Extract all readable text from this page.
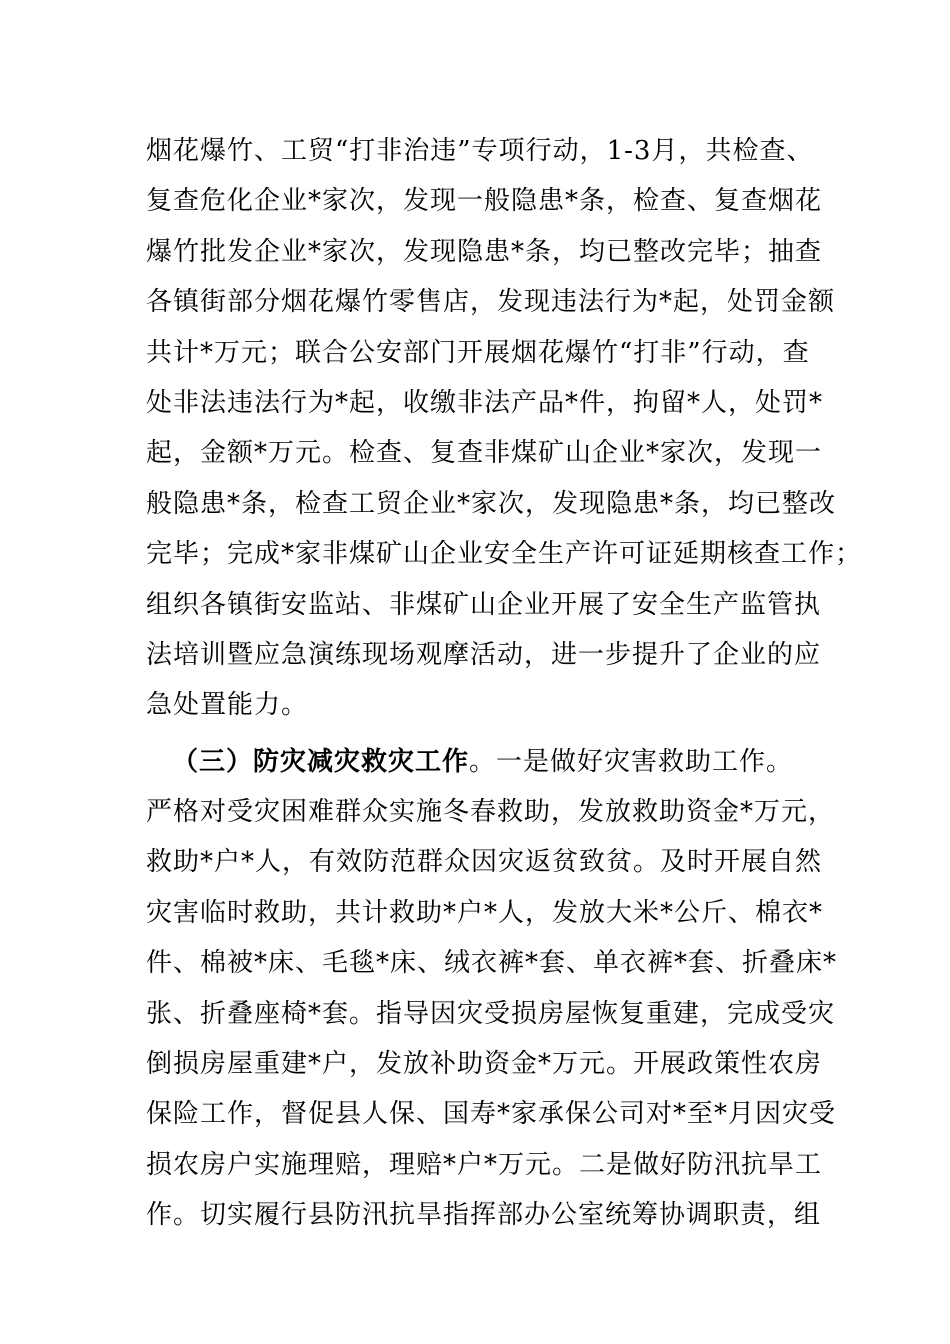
烟花爆竹、工贸“打非治违”专项行动，1-3月，共检查、
复查危化企业*家次，发现一般隐患*条，检查、复查烟花
爆竹批发企业*家次，发现隐患*条，均已整改完毕；抽查
各镇街部分烟花爆竹零售店，发现违法行为*起，处罚金额
共计*万元；联合公安部门开展烟花爆竹“打非”行动，查
处非法违法行为*起，收缴非法产品*件，拘留*人，处罚*
起，金额*万元。检查、复查非煤矿山企业*家次，发现一
般隐患*条，检查工贸企业*家次，发现隐患*条，均已整改
完毕；完成*家非煤矿山企业安全生产许可证延期核查工作；
组织各镇街安监站、非煤矿山企业开展了安全生产监管执
法培训暨应急演练现场观摩活动，进一步提升了企业的应
急处置能力。
（三）防灾减灾救灾工作。一是做好灾害救助工作。
严格对受灾困难群众实施冬春救助，发放救助资金*万元，
救助*户*人，有效防范群众因灾返贫致贫。及时开展自然
灾害临时救助，共计救助*户*人，发放大米*公斤、棉衣*
件、棉被*床、毛毯*床、绒衣裤*套、单衣裤*套、折叠床*
张、折叠座椅*套。指导因灾受损房屋恢复重建，完成受灾
倒损房屋重建*户，发放补助资金*万元。开展政策性农房
保险工作，督促县人保、国寿*家承保公司对*至*月因灾受
损农房户实施理赔，理赔*户*万元。二是做好防汛抗旱工
作。切实履行县防汛抗旱指挥部办公室统筹协调职责，组
